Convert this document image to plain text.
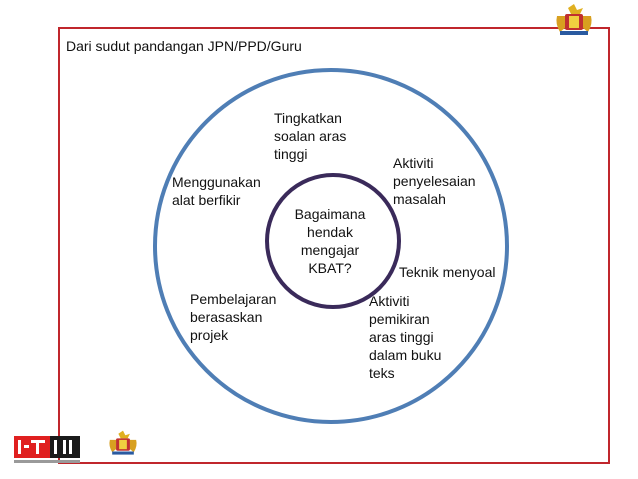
Dari sudut pandangan JPN/PPD/Guru
Bagaimana
hendak
mengajar
KBAT?
Tingkatkan
soalan aras
tinggi
Aktiviti
penyelesaian
masalah
Menggunakan
alat berfikir
Teknik menyoal
Pembelajaran
berasaskan
projek
Aktiviti
pemikiran
aras tinggi
dalam buku
teks
